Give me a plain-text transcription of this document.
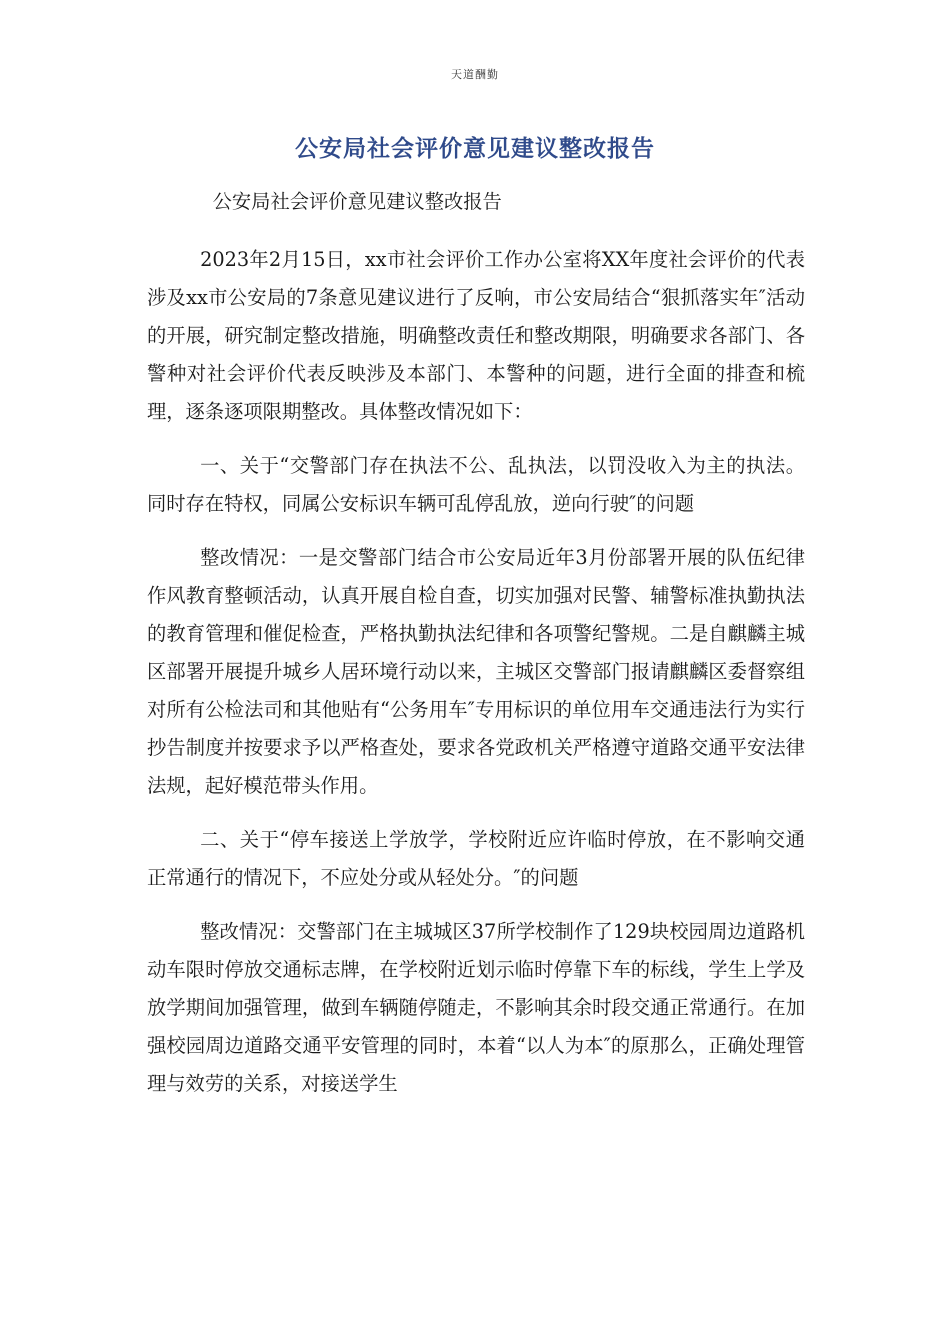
天道酬勤
公安局社会评价意见建议整改报告

公安局社会评价意见建议整改报告

2023年2月15日，xx市社会评价工作办公室将XX年度社会评价的代表涉及xx市公安局的7条意见建议进行了反响，市公安局结合“狠抓落实年″活动的开展，研究制定整改措施，明确整改责任和整改期限，明确要求各部门、各警种对社会评价代表反映涉及本部门、本警种的问题，进行全面的排查和梳理，逐条逐项限期整改。具体整改情况如下：

一、关于“交警部门存在执法不公、乱执法，以罚没收入为主的执法。同时存在特权，同属公安标识车辆可乱停乱放，逆向行驶″的问题

整改情况：一是交警部门结合市公安局近年3月份部署开展的队伍纪律作风教育整顿活动，认真开展自检自查，切实加强对民警、辅警标准执勤执法的教育管理和催促检查，严格执勤执法纪律和各项警纪警规。二是自麒麟主城区部署开展提升城乡人居环境行动以来，主城区交警部门报请麒麟区委督察组对所有公检法司和其他贴有“公务用车″专用标识的单位用车交通违法行为实行抄告制度并按要求予以严格查处，要求各党政机关严格遵守道路交通平安法律法规，起好模范带头作用。

二、关于“停车接送上学放学，学校附近应许临时停放，在不影响交通正常通行的情况下，不应处分或从轻处分。″的问题

整改情况：交警部门在主城城区37所学校制作了129块校园周边道路机动车限时停放交通标志牌，在学校附近划示临时停靠下车的标线，学生上学及放学期间加强管理，做到车辆随停随走，不影响其余时段交通正常通行。在加强校园周边道路交通平安管理的同时，本着“以人为本″的原那么，正确处理管理与效劳的关系，对接送学生
